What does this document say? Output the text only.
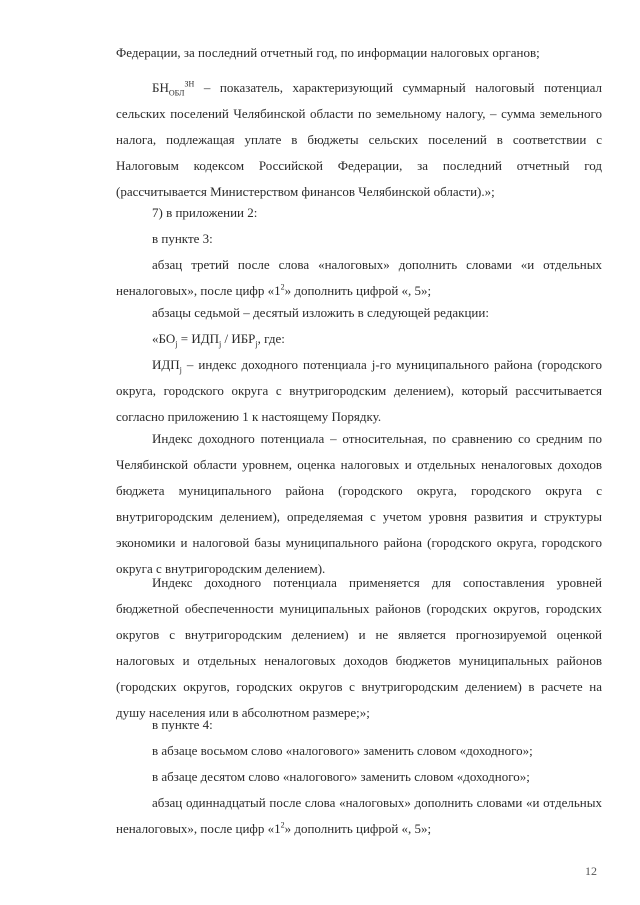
Федерации, за последний отчетный год, по информации налоговых органов;
$БН_{ОБЛ}^{ЗН}$ – показатель, характеризующий суммарный налоговый потенциал сельских поселений Челябинской области по земельному налогу, – сумма земельного налога, подлежащая уплате в бюджеты сельских поселений в соответствии с Налоговым кодексом Российской Федерации, за последний отчетный год (рассчитывается Министерством финансов Челябинской области).»;
7) в приложении 2:
в пункте 3:
абзац третий после слова «налоговых» дополнить словами «и отдельных неналоговых», после цифр «$1^2$» дополнить цифрой «, 5»;
абзацы седьмой – десятый изложить в следующей редакции:
«$БО_j = ИДП_j / ИБР_j$, где:
$ИДП_j$ – индекс доходного потенциала j-го муниципального района (городского округа, городского округа с внутригородским делением), который рассчитывается согласно приложению 1 к настоящему Порядку.
Индекс доходного потенциала – относительная, по сравнению со средним по Челябинской области уровнем, оценка налоговых и отдельных неналоговых доходов бюджета муниципального района (городского округа, городского округа с внутригородским делением), определяемая с учетом уровня развития и структуры экономики и налоговой базы муниципального района (городского округа, городского округа с внутригородским делением).
Индекс доходного потенциала применяется для сопоставления уровней бюджетной обеспеченности муниципальных районов (городских округов, городских округов с внутригородским делением) и не является прогнозируемой оценкой налоговых и отдельных неналоговых доходов бюджетов муниципальных районов (городских округов, городских округов с внутригородским делением) в расчете на душу населения или в абсолютном размере;»;
в пункте 4:
в абзаце восьмом слово «налогового» заменить словом «доходного»;
в абзаце десятом слово «налогового» заменить словом «доходного»;
абзац одиннадцатый после слова «налоговых» дополнить словами «и отдельных неналоговых», после цифр «$1^2$» дополнить цифрой «, 5»;
12
